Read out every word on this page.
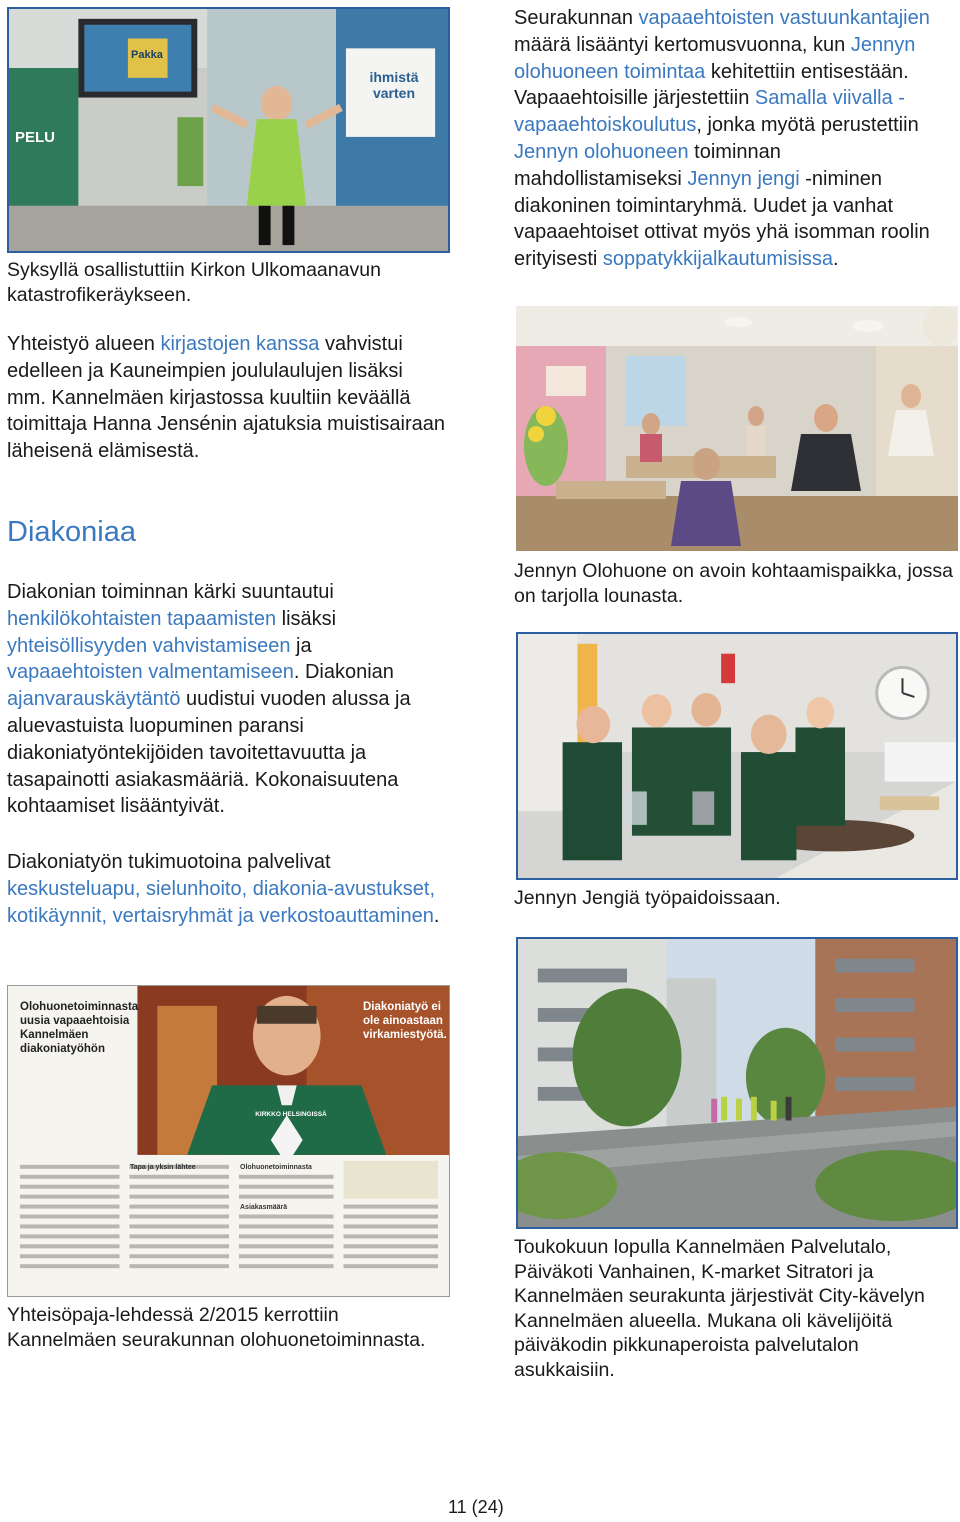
ihmistä varten
PELU
Pakka
Syksyllä osallistuttiin Kirkon Ulkomaanavun katastrofikeräykseen.
Yhteistyö alueen kirjastojen kanssa vahvistui edelleen ja Kauneimpien joululaulujen lisäksi mm. Kannelmäen kirjastossa kuultiin keväällä toimittaja Hanna Jensénin ajatuksia muistisairaan läheisenä elämisestä.
Diakoniaa
Diakonian toiminnan kärki suuntautui henkilökohtaisten tapaamisten lisäksi yhteisöllisyyden vahvistamiseen ja vapaaehtoisten valmentamiseen. Diakonian ajanvarauskäytäntö uudistui vuoden alussa ja aluevastuista luopuminen paransi diakoniatyöntekijöiden tavoitettavuutta ja tasapainotti asiakasmääriä. Kokonaisuutena kohtaamiset lisääntyivät.
Diakoniatyön tukimuotoina palvelivat keskusteluapu, sielunhoito, diakonia-avustukset, kotikäynnit, vertaisryhmät ja verkostoauttaminen.
Olohuonetoiminnasta uusia vapaaehtoisia Kannelmäen diakoniatyöhön
Diakoniatyö ei ole ainoastaan virkamiestyötä.
KIRKKO HELSINGISSÄ
Tapa ja yksin lähtee	Olohuonetoiminnasta
Asiakasmäärä
Yhteisöpaja-lehdessä 2/2015 kerrottiin Kannelmäen seurakunnan olohuonetoiminnasta.
Seurakunnan vapaaehtoisten vastuunkantajien määrä lisääntyi kertomusvuonna, kun Jennyn olohuoneen toimintaa kehitettiin entisestään. Vapaaehtoisille järjestettiin Samalla viivalla -vapaaehtoiskoulutus, jonka myötä perustettiin Jennyn olohuoneen toiminnan mahdollistamiseksi Jennyn jengi -niminen diakoninen toimintaryhmä. Uudet ja vanhat vapaaehtoiset ottivat myös yhä isomman roolin erityisesti soppatykkijalkautumisissa.
Jennyn Olohuone on avoin kohtaamispaikka, jossa on tarjolla lounasta.
Jennyn Jengiä työpaidoissaan.
Toukokuun lopulla Kannelmäen Palvelutalo, Päiväkoti Vanhainen, K-market Sitratori ja Kannelmäen seurakunta järjestivät City-kävelyn Kannelmäen alueella. Mukana oli kävelijöitä päiväkodin pikkunaperoista palvelutalon asukkaisiin.
11 (24)
